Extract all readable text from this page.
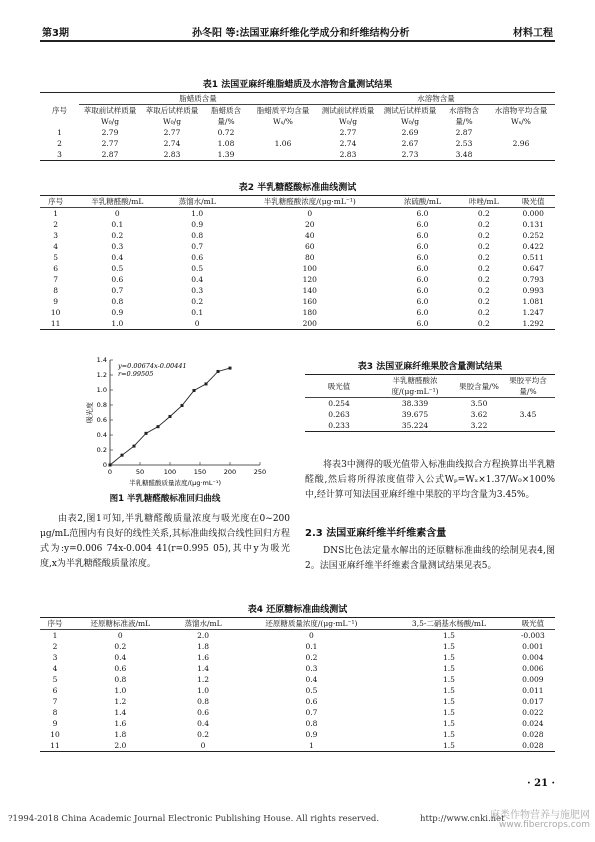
第3期	孙冬阳 等:法国亚麻纤维化学成分和纤维结构分析	材料工程
表1 法国亚麻纤维脂蜡质及水溶物含量测试结果
序号	脂蜡质含量				水溶物含量			
	萃取前试样质量 W₀/g	萃取后试样质量 W₀/g	脂蜡质含量/%	脂蜡质平均含量 Wₛ/%	测试前试样质量 W₀/g	测试后试样质量 W₀/g	水溶物含量/%	水溶物平均含量 Wₛ/%

1	2.79	2.77	0.72		2.77	2.69	2.87	
2	2.77	2.74	1.08	1.06	2.74	2.67	2.53	2.96
3	2.87	2.83	1.39		2.83	2.73	3.48	
表2 半乳糖醛酸标准曲线测试
序号	半乳糖醛酸/mL	蒸馏水/mL	半乳糖醛酸浓度/(μg·mL⁻¹)	浓硫酸/mL	咔唑/mL	吸光值
1	0	1.0	0	6.0	0.2	0.000
2	0.1	0.9	20	6.0	0.2	0.131
3	0.2	0.8	40	6.0	0.2	0.252
4	0.3	0.7	60	6.0	0.2	0.422
5	0.4	0.6	80	6.0	0.2	0.511
6	0.5	0.5	100	6.0	0.2	0.647
7	0.6	0.4	120	6.0	0.2	0.793
8	0.7	0.3	140	6.0	0.2	0.993
9	0.8	0.2	160	6.0	0.2	1.081
10	0.9	0.1	180	6.0	0.2	1.247
11	1.0	0	200	6.0	0.2	1.292
0	50	100	150	200	250
0
0.2
0.4
0.6
0.8
1.0
1.2
1.4
y=0.00674x-0.00441
r=0.99505
吸光度
半乳糖醛酸质量浓度/(μg·mL⁻¹)
图1 半乳糖醛酸标准回归曲线
表3 法国亚麻纤维果胶含量测试结果
吸光值	半乳糖醛酸浓度/(μg·mL⁻¹)	果胶含量/%	果胶平均含量/%
0.254	38.339	3.50	
0.263	39.675	3.62	3.45
0.233	35.224	3.22	
将表3中测得的吸光值带入标准曲线拟合方程换算出半乳糖醛酸,然后将所得浓度值带入公式Wₚ=Wₓ×1.37/W₀×100%中,经计算可知法国亚麻纤维中果胶的平均含量为3.45%。
由表2,图1可知,半乳糖醛酸质量浓度与吸光度在0~200 μg/mL范围内有良好的线性关系,其标准曲线拟合线性回归方程式为:y=0.006 74x-0.004 41(r=0.995 05),其中y为吸光度,x为半乳糖醛酸质量浓度。
2.3 法国亚麻纤维半纤维素含量
DNS比色法定量水解出的还原糖标准曲线的绘制见表4,图2。法国亚麻纤维半纤维素含量测试结果见表5。
表4 还原糖标准曲线测试
序号	还原糖标准液/mL	蒸馏水/mL	还原糖质量浓度/(μg·mL⁻¹)	3,5-二硝基水杨酸/mL	吸光值
1	0	2.0	0	1.5	-0.003
2	0.2	1.8	0.1	1.5	0.001
3	0.4	1.6	0.2	1.5	0.004
4	0.6	1.4	0.3	1.5	0.006
5	0.8	1.2	0.4	1.5	0.009
6	1.0	1.0	0.5	1.5	0.011
7	1.2	0.8	0.6	1.5	0.017
8	1.4	0.6	0.7	1.5	0.022
9	1.6	0.4	0.8	1.5	0.024
10	1.8	0.2	0.9	1.5	0.028
11	2.0	0	1	1.5	0.028
· 21 ·
?1994-2018 China Academic Journal Electronic Publishing House. All rights reserved.	http://www.cnki.net
麻类作物营养与施肥网
www.fibercrops.com
